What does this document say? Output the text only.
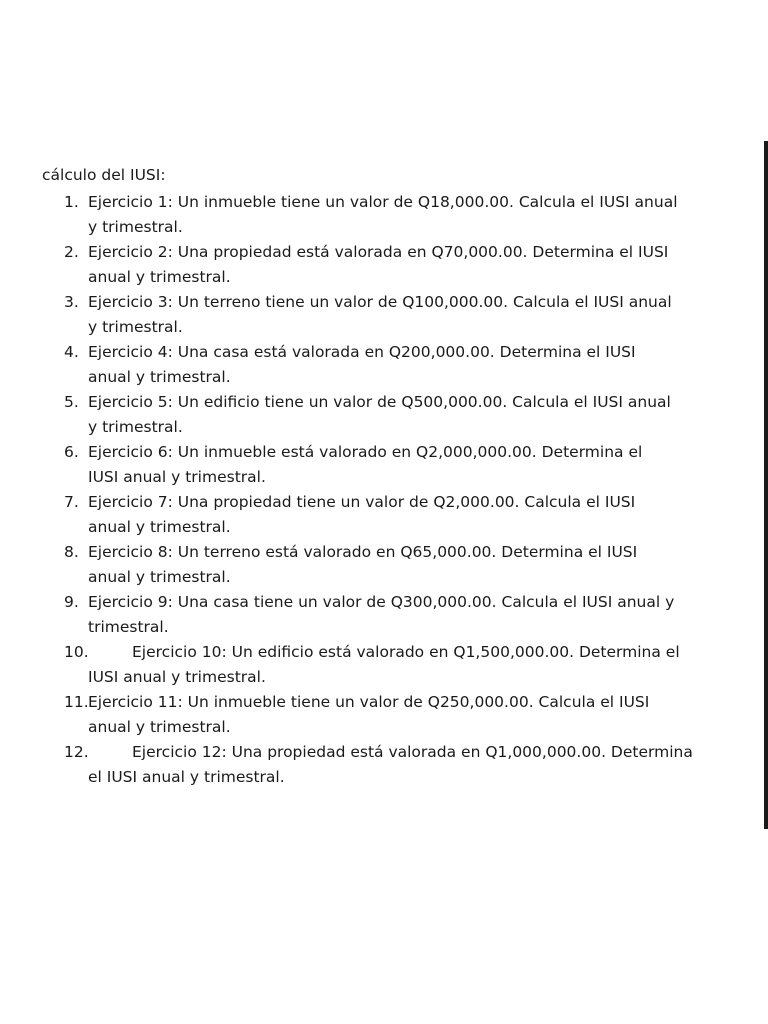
cálculo del IUSI:
1. Ejercicio 1: Un inmueble tiene un valor de Q18,000.00. Calcula el IUSI anual
y trimestral.
2. Ejercicio 2: Una propiedad está valorada en Q70,000.00. Determina el IUSI
anual y trimestral.
3. Ejercicio 3: Un terreno tiene un valor de Q100,000.00. Calcula el IUSI anual
y trimestral.
4. Ejercicio 4: Una casa está valorada en Q200,000.00. Determina el IUSI
anual y trimestral.
5. Ejercicio 5: Un edificio tiene un valor de Q500,000.00. Calcula el IUSI anual
y trimestral.
6. Ejercicio 6: Un inmueble está valorado en Q2,000,000.00. Determina el
IUSI anual y trimestral.
7. Ejercicio 7: Una propiedad tiene un valor de Q2,000.00. Calcula el IUSI
anual y trimestral.
8. Ejercicio 8: Un terreno está valorado en Q65,000.00. Determina el IUSI
anual y trimestral.
9. Ejercicio 9: Una casa tiene un valor de Q300,000.00. Calcula el IUSI anual y
trimestral.
10.	Ejercicio 10: Un edificio está valorado en Q1,500,000.00. Determina el
IUSI anual y trimestral.
11. Ejercicio 11: Un inmueble tiene un valor de Q250,000.00. Calcula el IUSI
anual y trimestral.
12.	Ejercicio 12: Una propiedad está valorada en Q1,000,000.00. Determina
el IUSI anual y trimestral.
